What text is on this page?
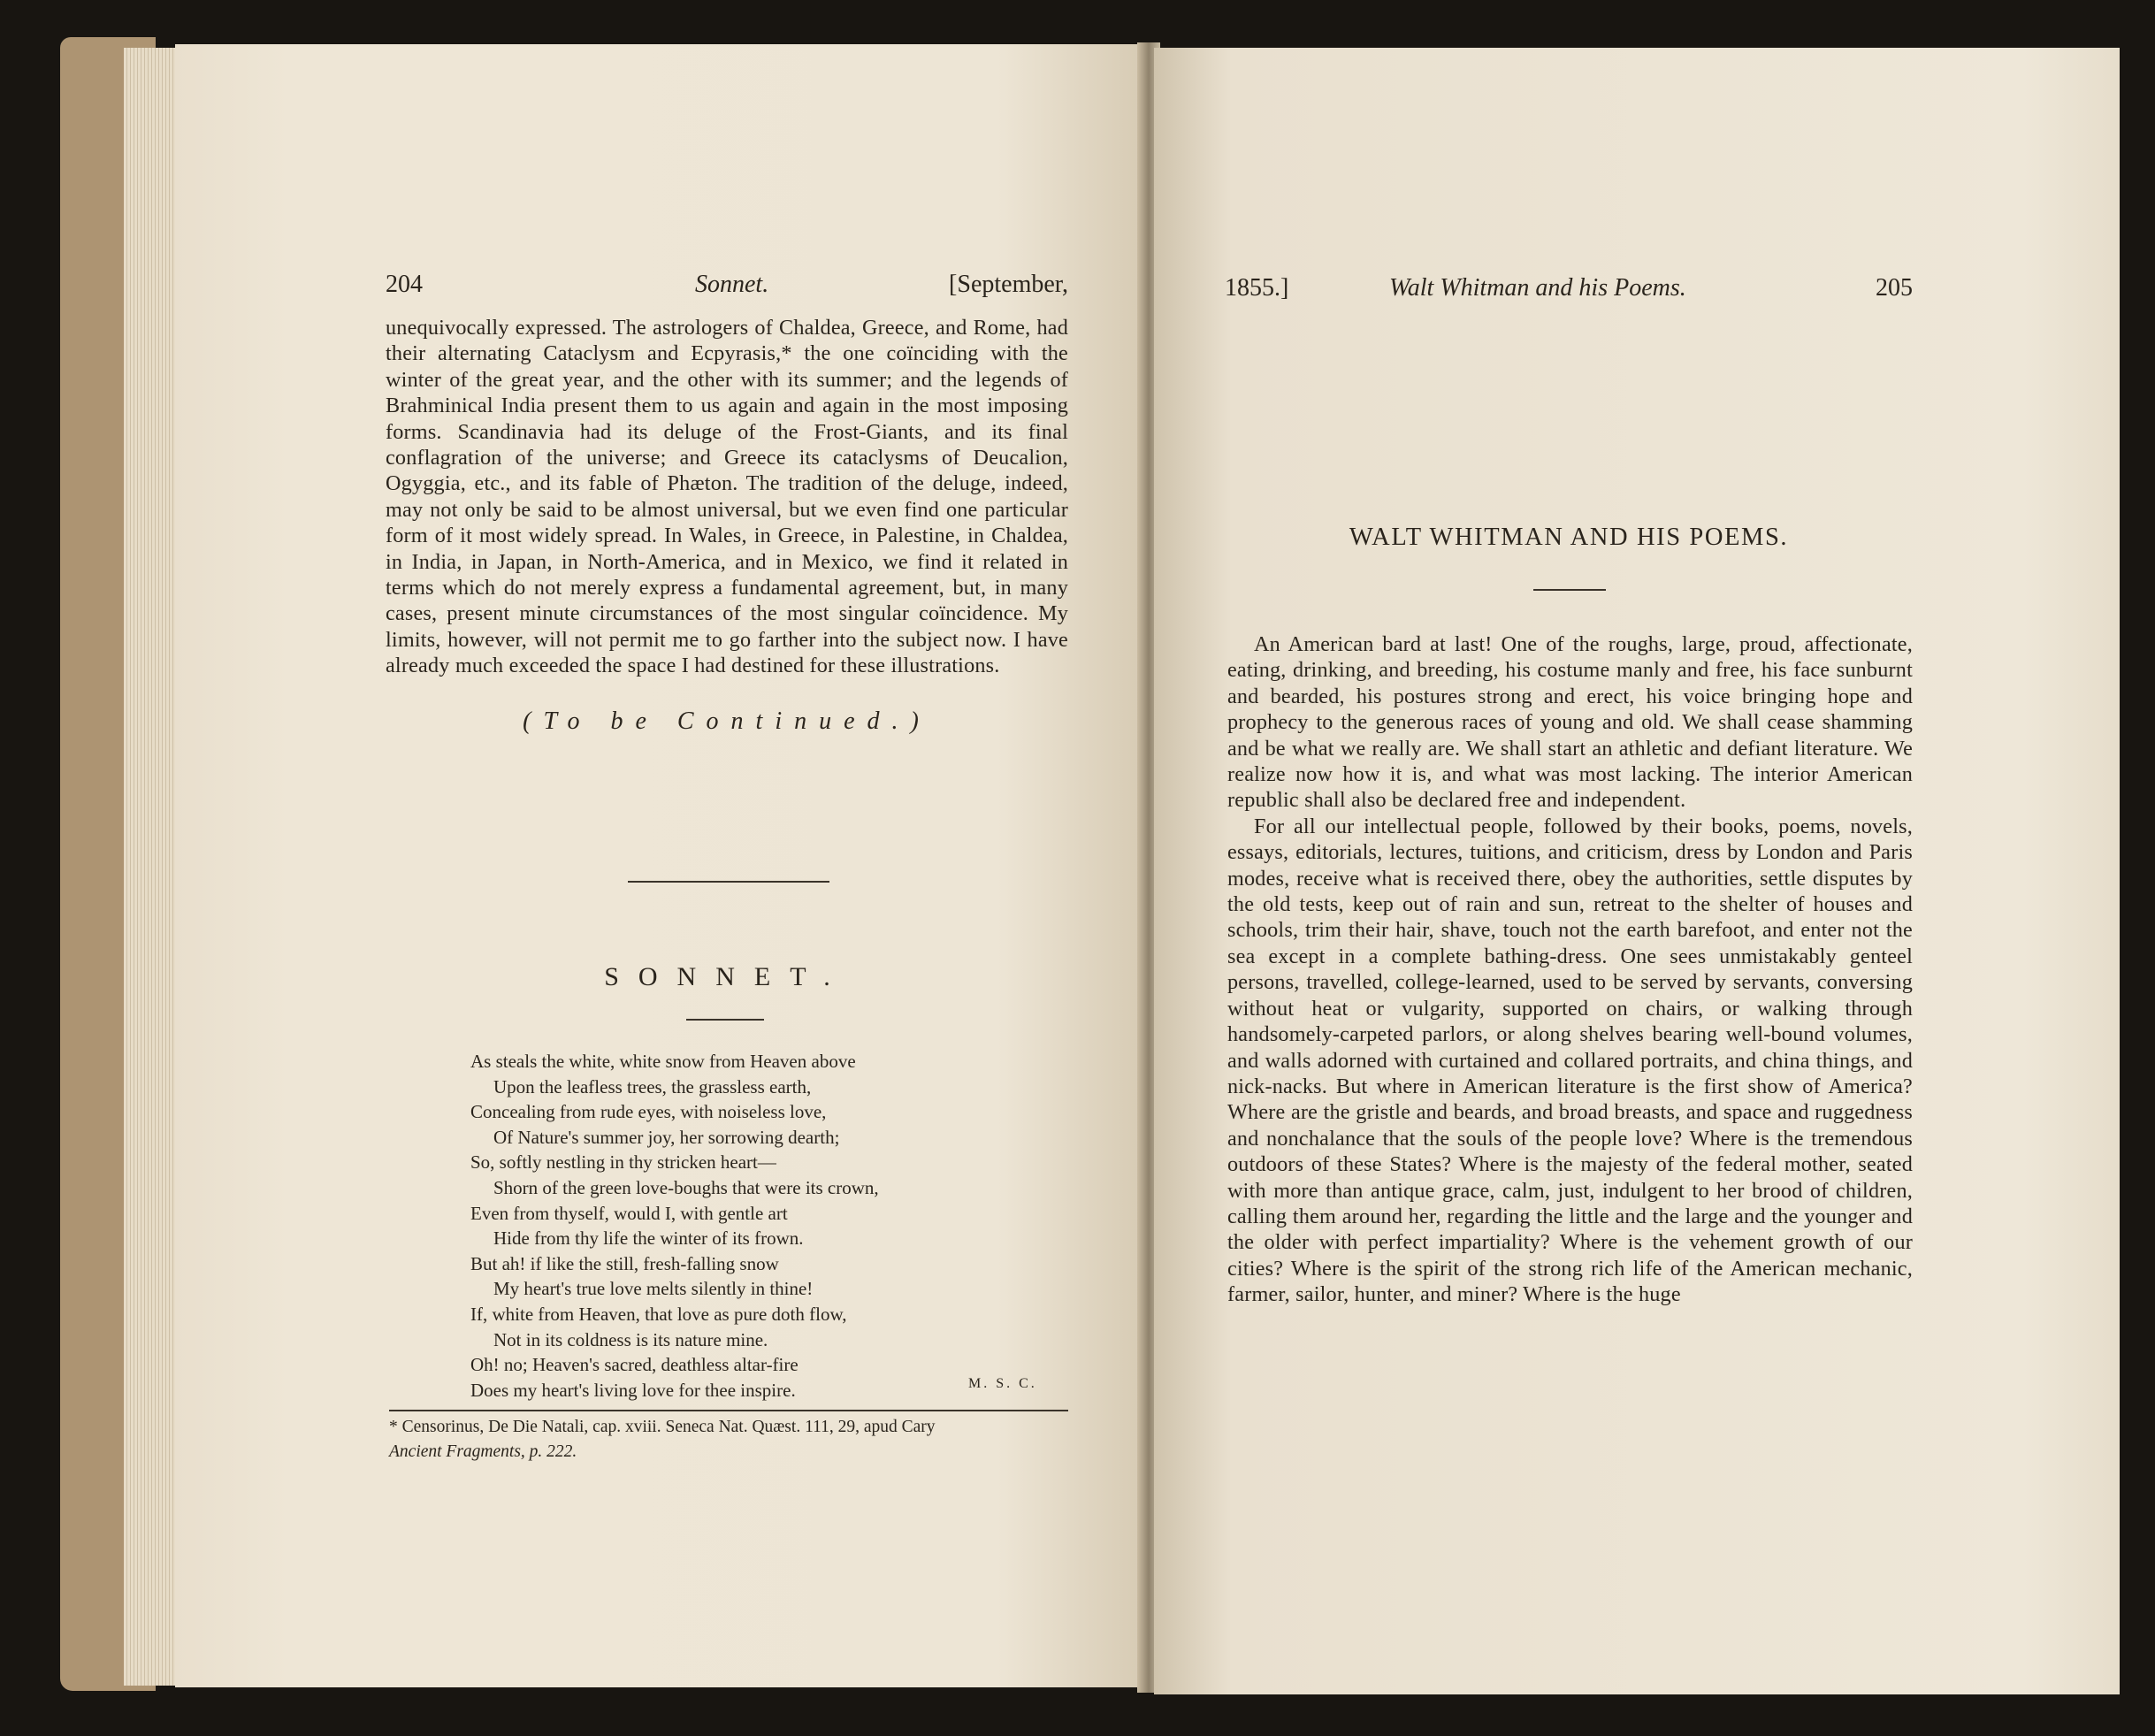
204	Sonnet.	[September,

unequivocally expressed. The astrologers of Chaldea, Greece, and Rome, had their alternating Cataclysm and Ecpyrasis,* the one coïnciding with the winter of the great year, and the other with its summer; and the legends of Brahminical India present them to us again and again in the most imposing forms. Scandinavia had its deluge of the Frost-Giants, and its final conflagration of the universe; and Greece its cataclysms of Deucalion, Ogyggia, etc., and its fable of Phæton. The tradition of the deluge, indeed, may not only be said to be almost universal, but we even find one particular form of it most widely spread. In Wales, in Greece, in Palestine, in Chaldea, in India, in Japan, in North-America, and in Mexico, we find it related in terms which do not merely express a fundamental agreement, but, in many cases, present minute circumstances of the most singular coïncidence. My limits, however, will not permit me to go farther into the subject now. I have already much exceeded the space I had destined for these illustrations.

(To be Continued.)
SONNET.
As steals the white, white snow from Heaven above
Upon the leafless trees, the grassless earth,
Concealing from rude eyes, with noiseless love,
Of Nature's summer joy, her sorrowing dearth;
So, softly nestling in thy stricken heart—
Shorn of the green love-boughs that were its crown,
Even from thyself, would I, with gentle art
Hide from thy life the winter of its frown.
But ah! if like the still, fresh-falling snow
My heart's true love melts silently in thine!
If, white from Heaven, that love as pure doth flow,
Not in its coldness is its nature mine.
Oh! no; Heaven's sacred, deathless altar-fire
Does my heart's living love for thee inspire.	M. S. C.
* Censorinus, De Die Natali, cap. xviii. Seneca Nat. Quæst. 111, 29, apud Cary
Ancient Fragments, p. 222.
1855.]	Walt Whitman and his Poems.	205
WALT WHITMAN AND HIS POEMS.

An American bard at last! One of the roughs, large, proud, affectionate, eating, drinking, and breeding, his costume manly and free, his face sunburnt and bearded, his postures strong and erect, his voice bringing hope and prophecy to the generous races of young and old. We shall cease shamming and be what we really are. We shall start an athletic and defiant literature. We realize now how it is, and what was most lacking. The interior American republic shall also be declared free and independent.

For all our intellectual people, followed by their books, poems, novels, essays, editorials, lectures, tuitions, and criticism, dress by London and Paris modes, receive what is received there, obey the authorities, settle disputes by the old tests, keep out of rain and sun, retreat to the shelter of houses and schools, trim their hair, shave, touch not the earth barefoot, and enter not the sea except in a complete bathing-dress. One sees unmistakably genteel persons, travelled, college-learned, used to be served by servants, conversing without heat or vulgarity, supported on chairs, or walking through handsomely-carpeted parlors, or along shelves bearing well-bound volumes, and walls adorned with curtained and collared portraits, and china things, and nick-nacks. But where in American literature is the first show of America? Where are the gristle and beards, and broad breasts, and space and ruggedness and nonchalance that the souls of the people love? Where is the tremendous outdoors of these States? Where is the majesty of the federal mother, seated with more than antique grace, calm, just, indulgent to her brood of children, calling them around her, regarding the little and the large and the younger and the older with perfect impartiality? Where is the vehement growth of our cities? Where is the spirit of the strong rich life of the American mechanic, farmer, sailor, hunter, and miner? Where is the huge
